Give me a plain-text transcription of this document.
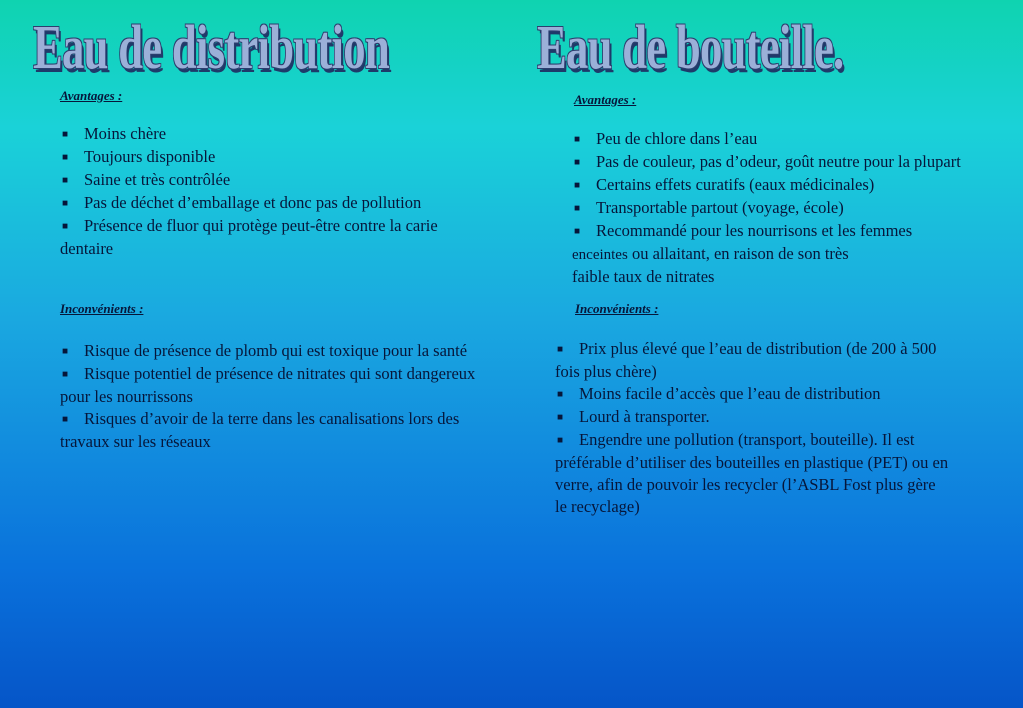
Eau de distribution Eau de bouteille.
Avantages :
■ Moins chère
■ Toujours disponible
■ Saine et très contrôlée
■ Pas de déchet d’emballage et donc pas de pollution
■ Présence de fluor qui protège peut-être contre la carie
dentaire
Inconvénients :
■ Risque de présence de plomb qui est toxique pour la santé
■ Risque potentiel de présence de nitrates qui sont dangereux
pour les nourrissons
■ Risques d’avoir de la terre dans les canalisations lors des
travaux sur les réseaux
Avantages :
■ Peu de chlore dans l’eau
■ Pas de couleur, pas d’odeur, goût neutre pour la plupart
■ Certains effets curatifs (eaux médicinales)
■ Transportable partout (voyage, école)
■ Recommandé pour les nourrisons et les femmes
enceintes ou allaitant, en raison de son très
faible taux de nitrates
Inconvénients :
■ Prix plus élevé que l’eau de distribution (de 200 à 500
fois plus chère)
■ Moins facile d’accès que l’eau de distribution
■ Lourd à transporter.
■ Engendre une pollution (transport, bouteille). Il est
préférable d’utiliser des bouteilles en plastique (PET) ou en
verre, afin de pouvoir les recycler (l’ASBL Fost plus gère
le recyclage)
